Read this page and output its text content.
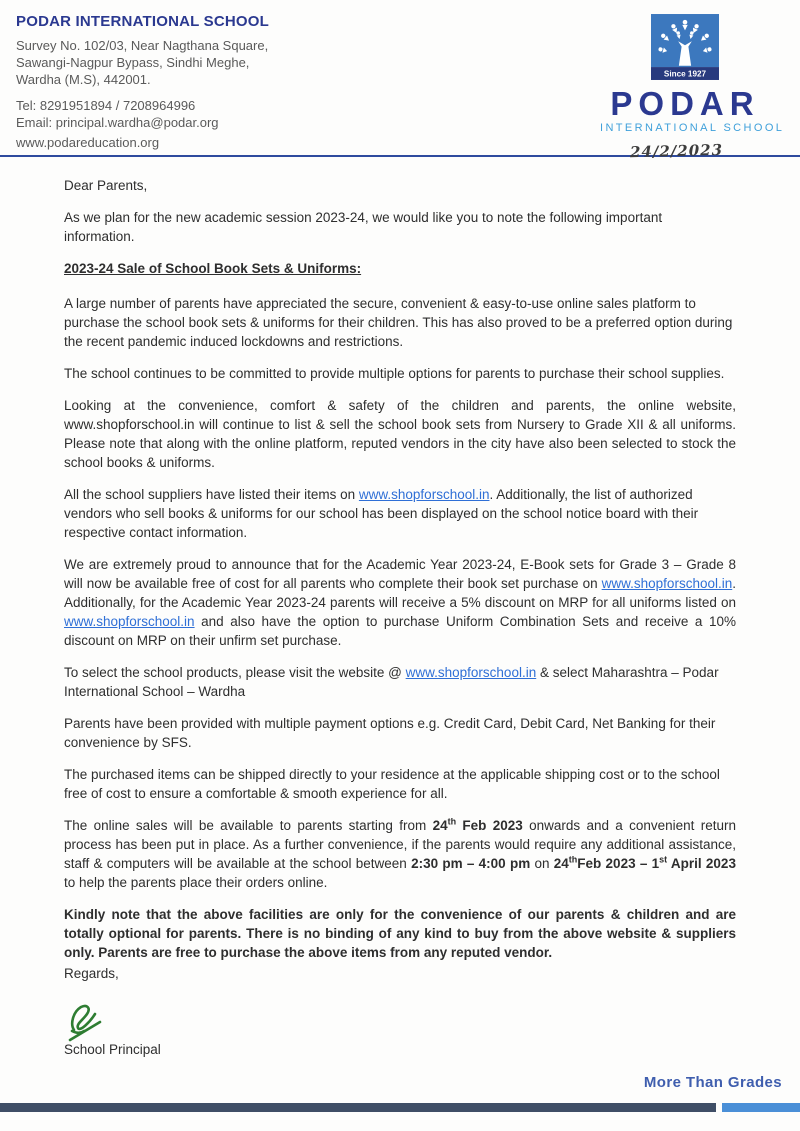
PODAR INTERNATIONAL SCHOOL
Survey No. 102/03, Near Nagthana Square,
Sawangi-Nagpur Bypass, Sindhi Meghe,
Wardha (M.S), 442001.
Tel: 8291951894 / 7208964996
Email: principal.wardha@podar.org
www.podareducation.org
Since 1927
PODAR
INTERNATIONAL SCHOOL
24/2/2023

Dear Parents,

As we plan for the new academic session 2023-24, we would like you to note the following important information.

2023-24 Sale of School Book Sets & Uniforms:

A large number of parents have appreciated the secure, convenient & easy-to-use online sales platform to purchase the school book sets & uniforms for their children. This has also proved to be a preferred option during the recent pandemic induced lockdowns and restrictions.

The school continues to be committed to provide multiple options for parents to purchase their school supplies.

Looking at the convenience, comfort & safety of the children and parents, the online website, www.shopforschool.in will continue to list & sell the school book sets from Nursery to Grade XII & all uniforms. Please note that along with the online platform, reputed vendors in the city have also been selected to stock the school books & uniforms.

All the school suppliers have listed their items on www.shopforschool.in. Additionally, the list of authorized vendors who sell books & uniforms for our school has been displayed on the school notice board with their respective contact information.

We are extremely proud to announce that for the Academic Year 2023-24, E-Book sets for Grade 3 – Grade 8 will now be available free of cost for all parents who complete their book set purchase on www.shopforschool.in. Additionally, for the Academic Year 2023-24 parents will receive a 5% discount on MRP for all uniforms listed on www.shopforschool.in and also have the option to purchase Uniform Combination Sets and receive a 10% discount on MRP on their unfirm set purchase.

To select the school products, please visit the website @ www.shopforschool.in & select Maharashtra – Podar International School – Wardha

Parents have been provided with multiple payment options e.g. Credit Card, Debit Card, Net Banking for their convenience by SFS.

The purchased items can be shipped directly to your residence at the applicable shipping cost or to the school free of cost to ensure a comfortable & smooth experience for all.

The online sales will be available to parents starting from 24th Feb 2023 onwards and a convenient return process has been put in place. As a further convenience, if the parents would require any additional assistance, staff & computers will be available at the school between 2:30 pm – 4:00 pm on 24thFeb 2023 – 1st April 2023 to help the parents place their orders online.

Kindly note that the above facilities are only for the convenience of our parents & children and are totally optional for parents. There is no binding of any kind to buy from the above website & suppliers only. Parents are free to purchase the above items from any reputed vendor.

Regards,

School Principal
More Than Grades
